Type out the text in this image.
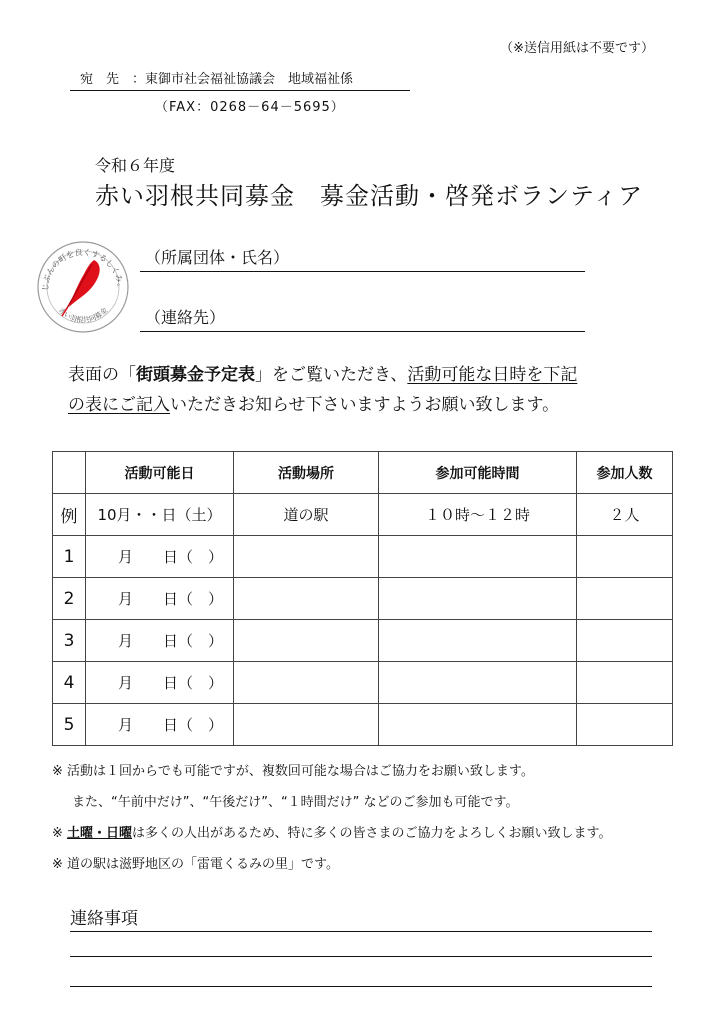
（※送信用紙は不要です）
宛　先　：東御市社会福祉協議会　地域福祉係
（FAX：0268－64－5695）
令和６年度
赤い羽根共同募金　募金活動・啓発ボランティア
じぶんの町を良くするしくみ。
赤い羽根共同募金
（所属団体・氏名）
（連絡先）
表面の「街頭募金予定表」をご覧いただき、活動可能な日時を下記
の表にご記入いただきお知らせ下さいますようお願い致します。
	活動可能日	活動場所	参加可能時間	参加人数
例	10月・・日（土）	道の駅	１０時～１２時	２人
1	月　　日（　）			
2	月　　日（　）			
3	月　　日（　）			
4	月　　日（　）			
5	月　　日（　）			
※ 活動は１回からでも可能ですが、複数回可能な場合はご協力をお願い致します。
また、“午前中だけ”、“午後だけ”、“１時間だけ” などのご参加も可能です。
※ 土曜・日曜は多くの人出があるため、特に多くの皆さまのご協力をよろしくお願い致します。
※ 道の駅は滋野地区の「雷電くるみの里」です。
連絡事項
